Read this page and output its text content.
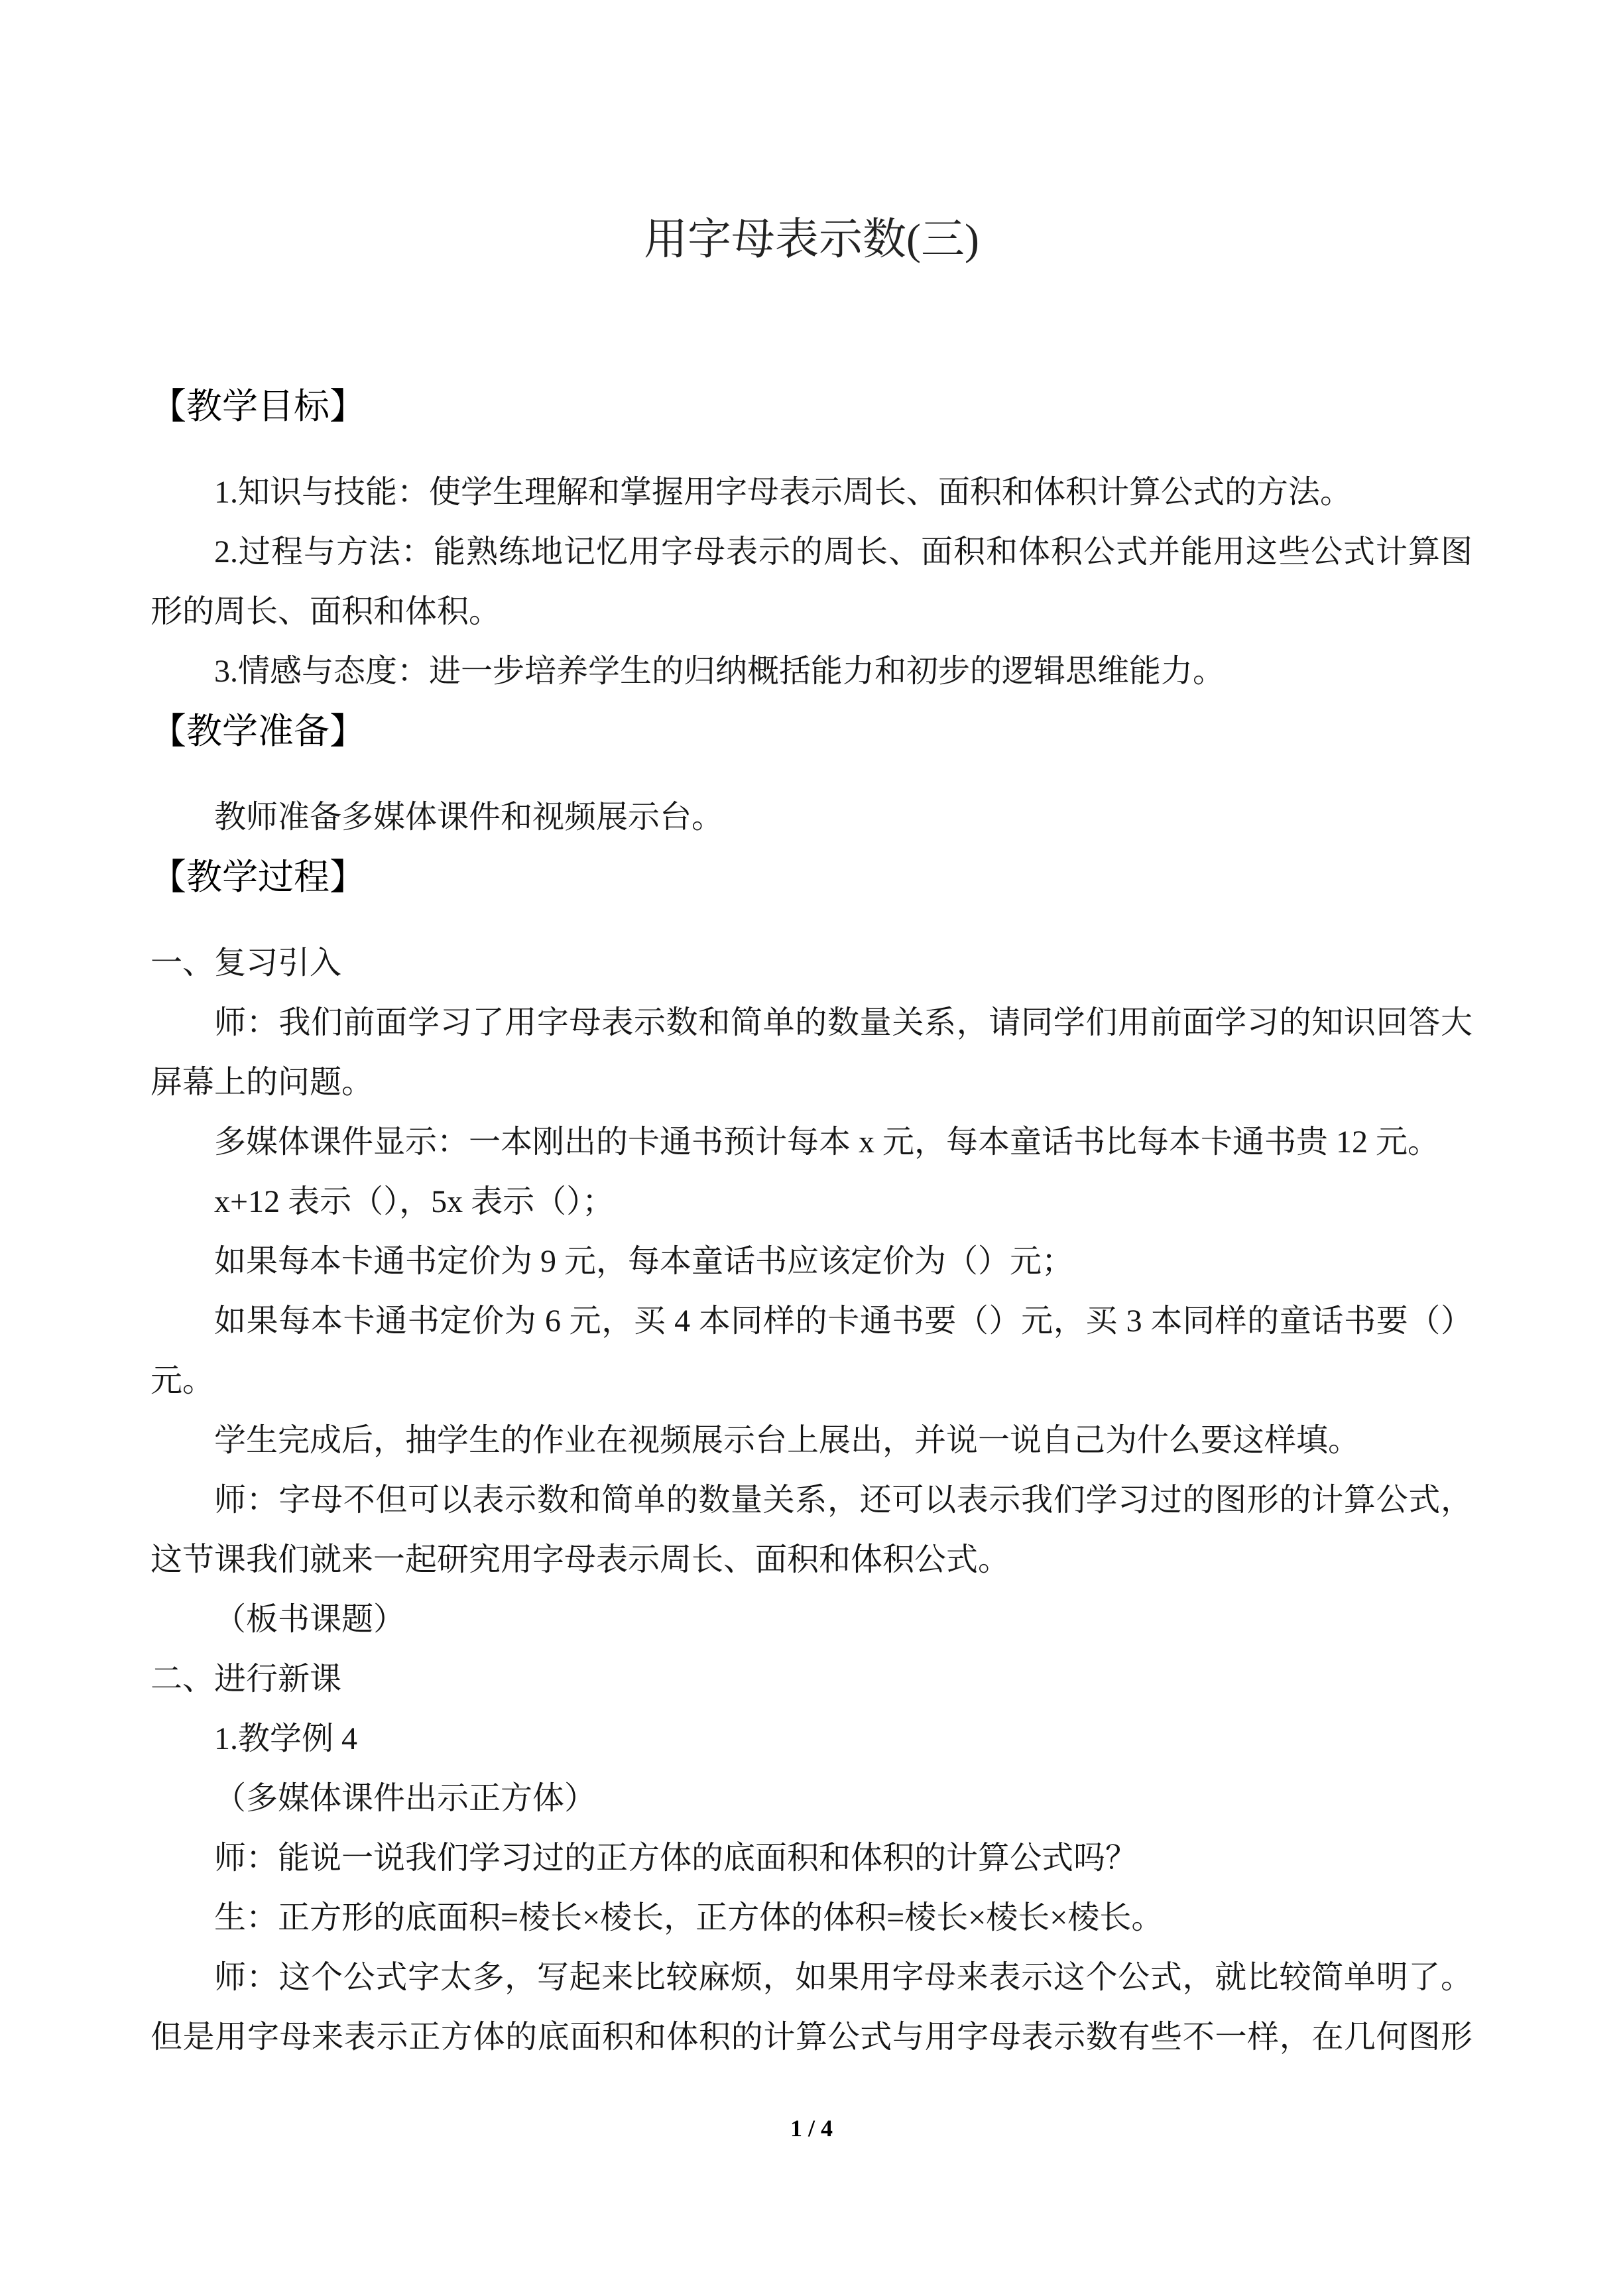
用字母表示数(三)
【教学目标】
1.知识与技能：使学生理解和掌握用字母表示周长、面积和体积计算公式的方法。
2.过程与方法：能熟练地记忆用字母表示的周长、面积和体积公式并能用这些公式计算图
形的周长、面积和体积。
3.情感与态度：进一步培养学生的归纳概括能力和初步的逻辑思维能力。
【教学准备】
教师准备多媒体课件和视频展示台。
【教学过程】
一、复习引入
师：我们前面学习了用字母表示数和简单的数量关系，请同学们用前面学习的知识回答大
屏幕上的问题。
多媒体课件显示：一本刚出的卡通书预计每本 x 元，每本童话书比每本卡通书贵 12 元。
x+12 表示（），5x 表示（）；
如果每本卡通书定价为 9 元，每本童话书应该定价为（）元；
如果每本卡通书定价为 6 元，买 4 本同样的卡通书要（）元，买 3 本同样的童话书要（）
元。
学生完成后，抽学生的作业在视频展示台上展出，并说一说自己为什么要这样填。
师：字母不但可以表示数和简单的数量关系，还可以表示我们学习过的图形的计算公式，
这节课我们就来一起研究用字母表示周长、面积和体积公式。
（板书课题）
二、进行新课
1.教学例 4
（多媒体课件出示正方体）
师：能说一说我们学习过的正方体的底面积和体积的计算公式吗？
生：正方形的底面积=棱长×棱长，正方体的体积=棱长×棱长×棱长。
师：这个公式字太多，写起来比较麻烦，如果用字母来表示这个公式，就比较简单明了。
但是用字母来表示正方体的底面积和体积的计算公式与用字母表示数有些不一样，在几何图形
1 / 4
